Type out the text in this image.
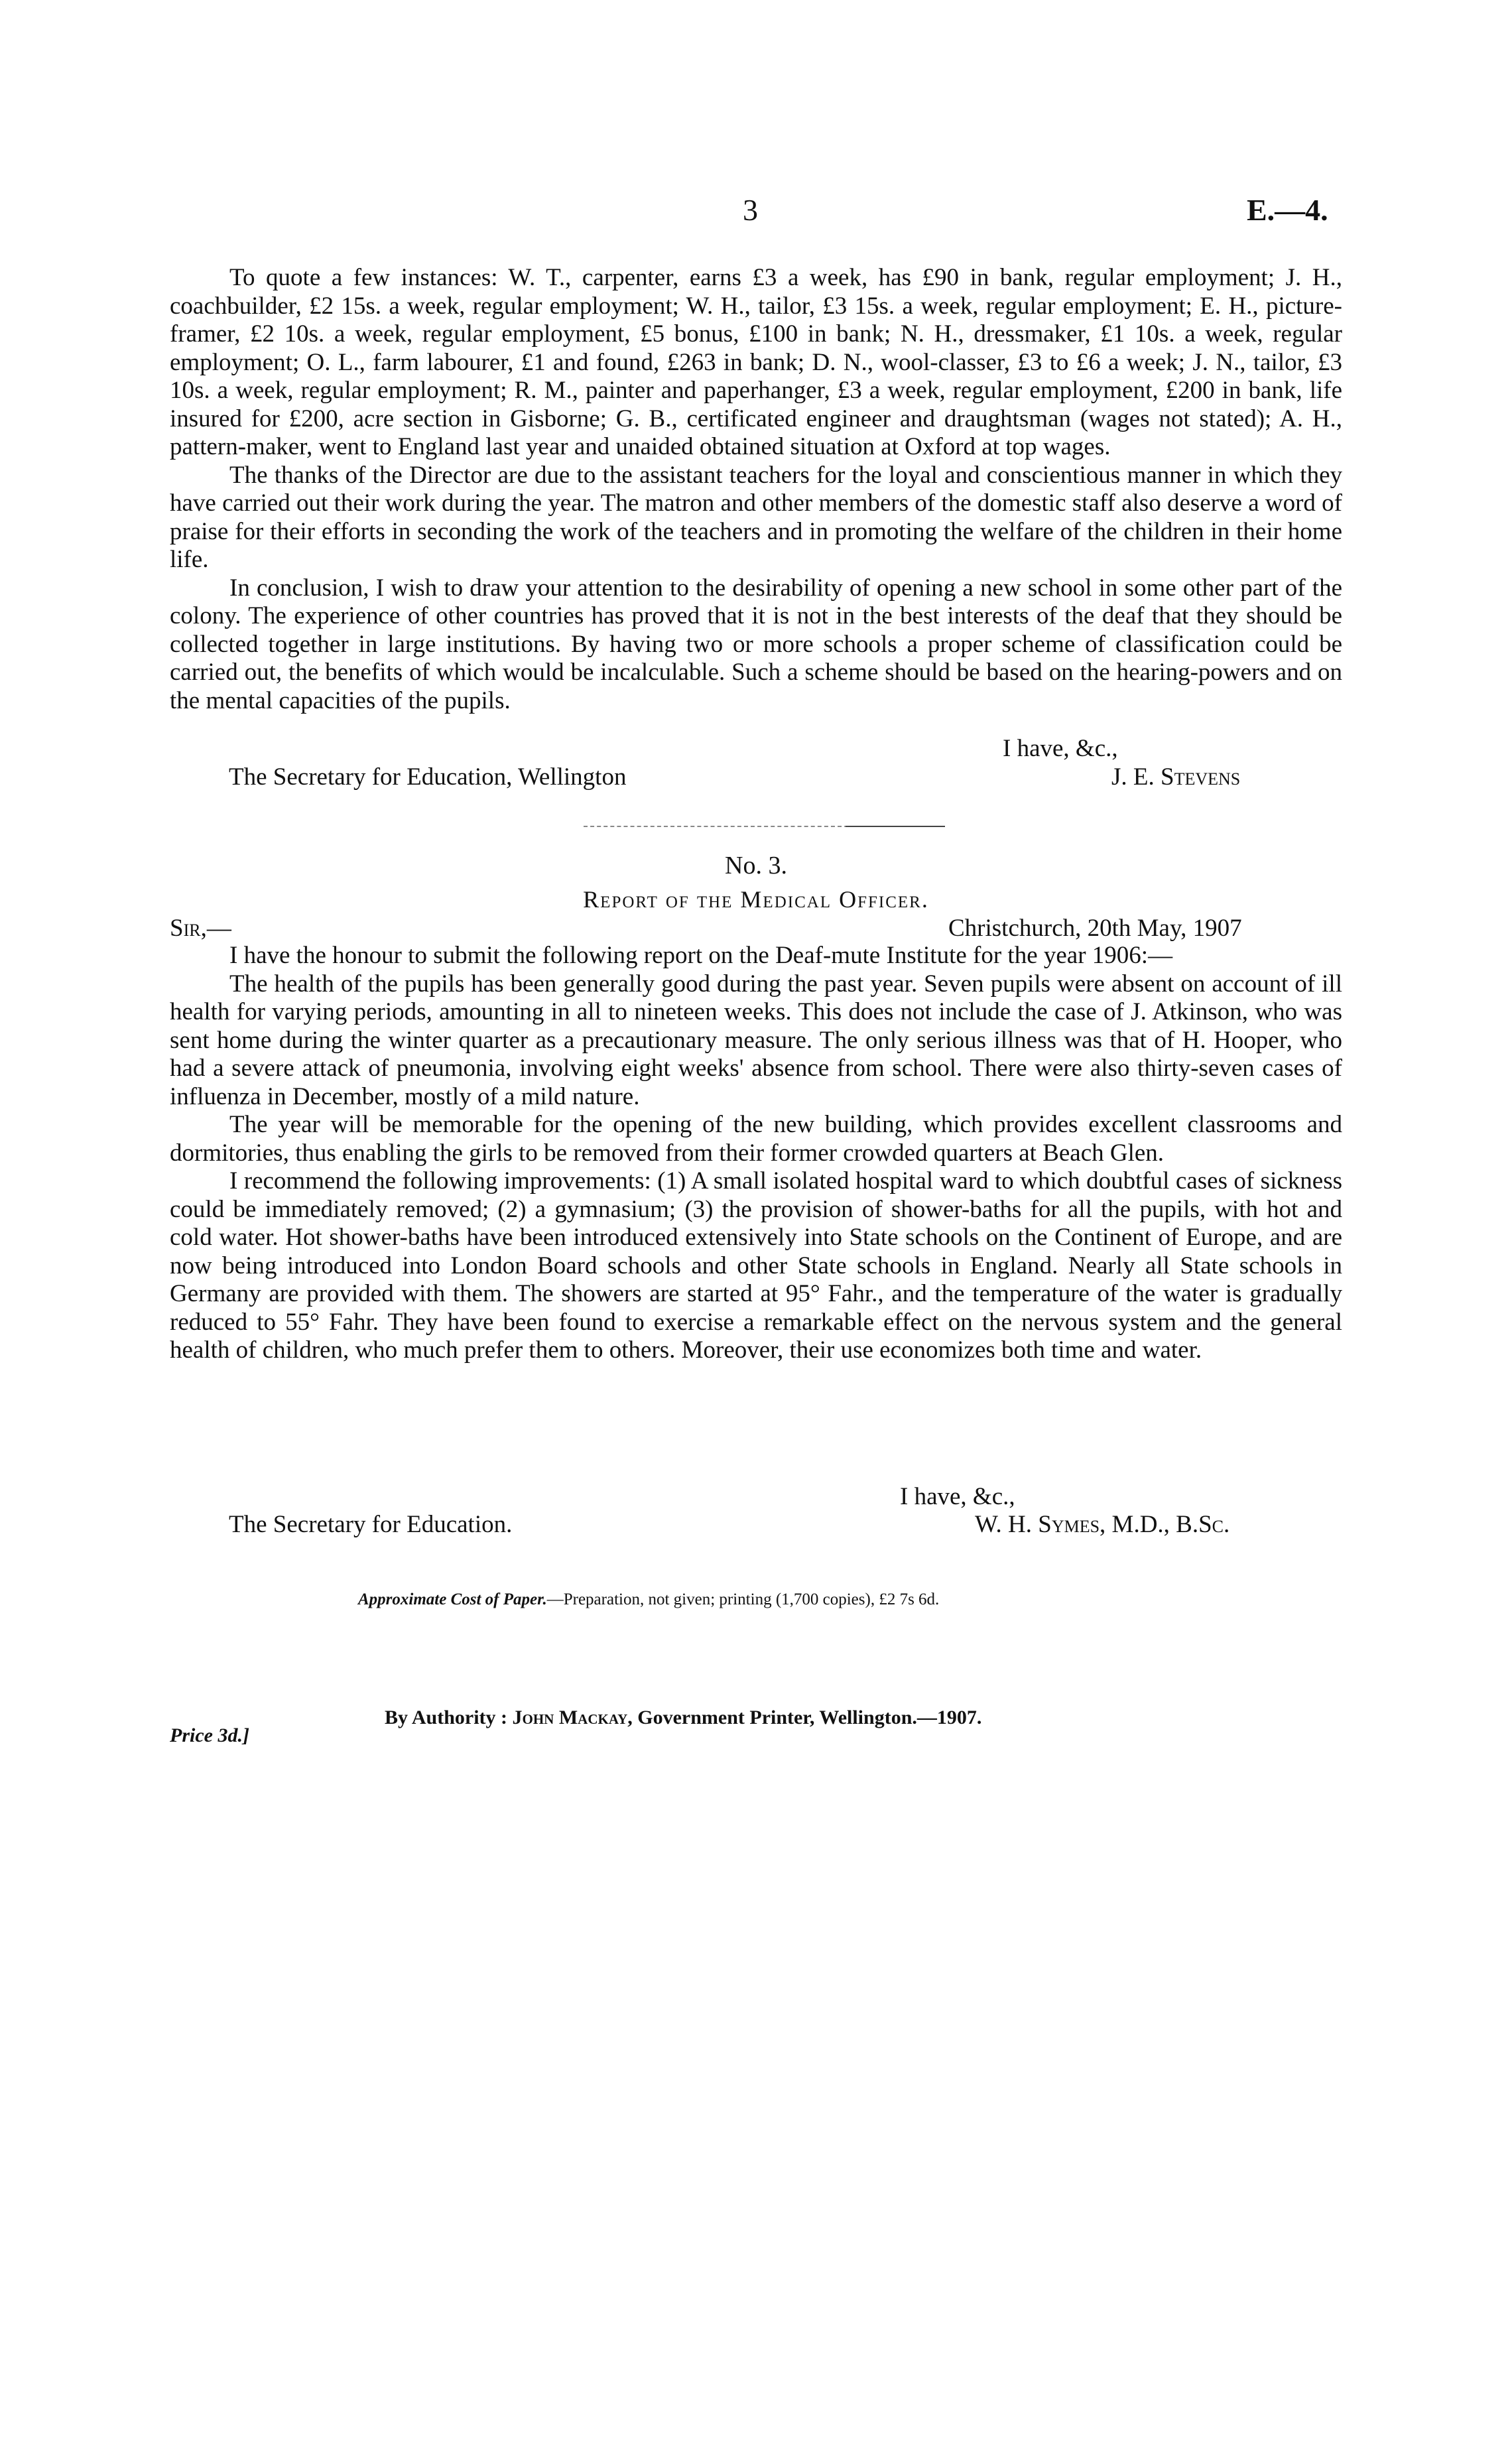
3	E.—4.

To quote a few instances: W. T., carpenter, earns £3 a week, has £90 in bank, regular employment; J. H., coachbuilder, £2 15s. a week, regular employment; W. H., tailor, £3 15s. a week, regular employment; E. H., picture-framer, £2 10s. a week, regular employment, £5 bonus, £100 in bank; N. H., dressmaker, £1 10s. a week, regular employment; O. L., farm labourer, £1 and found, £263 in bank; D. N., wool-classer, £3 to £6 a week; J. N., tailor, £3 10s. a week, regular employment; R. M., painter and paperhanger, £3 a week, regular employment, £200 in bank, life insured for £200, acre section in Gisborne; G. B., certificated engineer and draughtsman (wages not stated); A. H., pattern-maker, went to England last year and unaided obtained situation at Oxford at top wages.

The thanks of the Director are due to the assistant teachers for the loyal and conscientious manner in which they have carried out their work during the year. The matron and other members of the domestic staff also deserve a word of praise for their efforts in seconding the work of the teachers and in promoting the welfare of the children in their home life.

In conclusion, I wish to draw your attention to the desirability of opening a new school in some other part of the colony. The experience of other countries has proved that it is not in the best interests of the deaf that they should be collected together in large institutions. By having two or more schools a proper scheme of classification could be carried out, the benefits of which would be incalculable. Such a scheme should be based on the hearing-powers and on the mental capacities of the pupils.

I have, &c.,
The Secretary for Education, Wellington	J. E. Stevens
No. 3.
Report of the Medical Officer.
Sir,—	Christchurch, 20th May, 1907

I have the honour to submit the following report on the Deaf-mute Institute for the year 1906:—

The health of the pupils has been generally good during the past year. Seven pupils were absent on account of ill health for varying periods, amounting in all to nineteen weeks. This does not include the case of J. Atkinson, who was sent home during the winter quarter as a precautionary measure. The only serious illness was that of H. Hooper, who had a severe attack of pneumonia, involving eight weeks' absence from school. There were also thirty-seven cases of influenza in December, mostly of a mild nature.

The year will be memorable for the opening of the new building, which provides excellent classrooms and dormitories, thus enabling the girls to be removed from their former crowded quarters at Beach Glen.

I recommend the following improvements: (1) A small isolated hospital ward to which doubtful cases of sickness could be immediately removed; (2) a gymnasium; (3) the provision of shower-baths for all the pupils, with hot and cold water. Hot shower-baths have been introduced extensively into State schools on the Continent of Europe, and are now being introduced into London Board schools and other State schools in England. Nearly all State schools in Germany are provided with them. The showers are started at 95° Fahr., and the temperature of the water is gradually reduced to 55° Fahr. They have been found to exercise a remarkable effect on the nervous system and the general health of children, who much prefer them to others. Moreover, their use economizes both time and water.

I have, &c.,
The Secretary for Education.	W. H. Symes, M.D., B.Sc.
Approximate Cost of Paper.—Preparation, not given; printing (1,700 copies), £2 7s 6d.
Price 3d.]
By Authority : John Mackay, Government Printer, Wellington.—1907.
